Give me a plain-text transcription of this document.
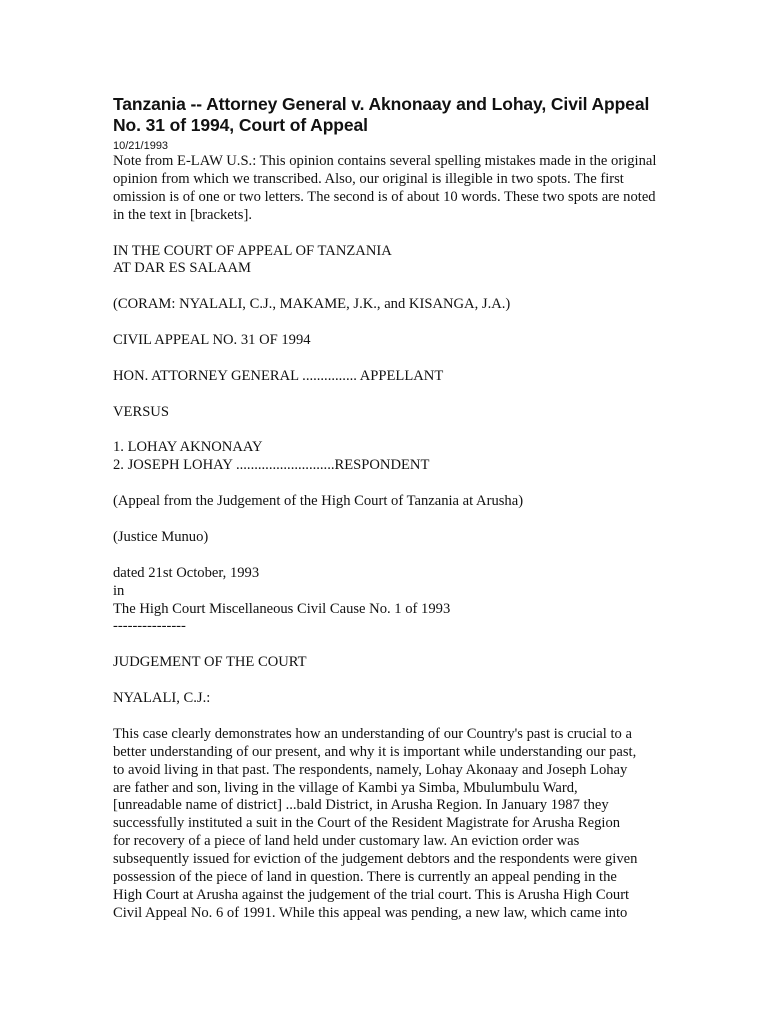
Tanzania -- Attorney General v. Aknonaay and Lohay, Civil Appeal No. 31 of 1994, Court of Appeal
10/21/1993

Note from E-LAW U.S.: This opinion contains several spelling mistakes made in the original opinion from which we transcribed. Also, our original is illegible in two spots. The first omission is of one or two letters. The second is of about 10 words. These two spots are noted in the text in [brackets].

IN THE COURT OF APPEAL OF TANZANIA
AT DAR ES SALAAM

(CORAM: NYALALI, C.J., MAKAME, J.K., and KISANGA, J.A.)

CIVIL APPEAL NO. 31 OF 1994

HON. ATTORNEY GENERAL ............... APPELLANT

VERSUS

1. LOHAY AKNONAAY
2. JOSEPH LOHAY ...........................RESPONDENT

(Appeal from the Judgement of the High Court of Tanzania at Arusha)

(Justice Munuo)

dated 21st October, 1993
in
The High Court Miscellaneous Civil Cause No. 1 of 1993
---------------

JUDGEMENT OF THE COURT

NYALALI, C.J.:

This case clearly demonstrates how an understanding of our Country's past is crucial to a
better understanding of our present, and why it is important while understanding our past,
to avoid living in that past. The respondents, namely, Lohay Akonaay and Joseph Lohay
are father and son, living in the village of Kambi ya Simba, Mbulumbulu Ward,
[unreadable name of district] ...bald District, in Arusha Region. In January 1987 they
successfully instituted a suit in the Court of the Resident Magistrate for Arusha Region
for recovery of a piece of land held under customary law. An eviction order was
subsequently issued for eviction of the judgement debtors and the respondents were given
possession of the piece of land in question. There is currently an appeal pending in the
High Court at Arusha against the judgement of the trial court. This is Arusha High Court
Civil Appeal No. 6 of 1991. While this appeal was pending, a new law, which came into
